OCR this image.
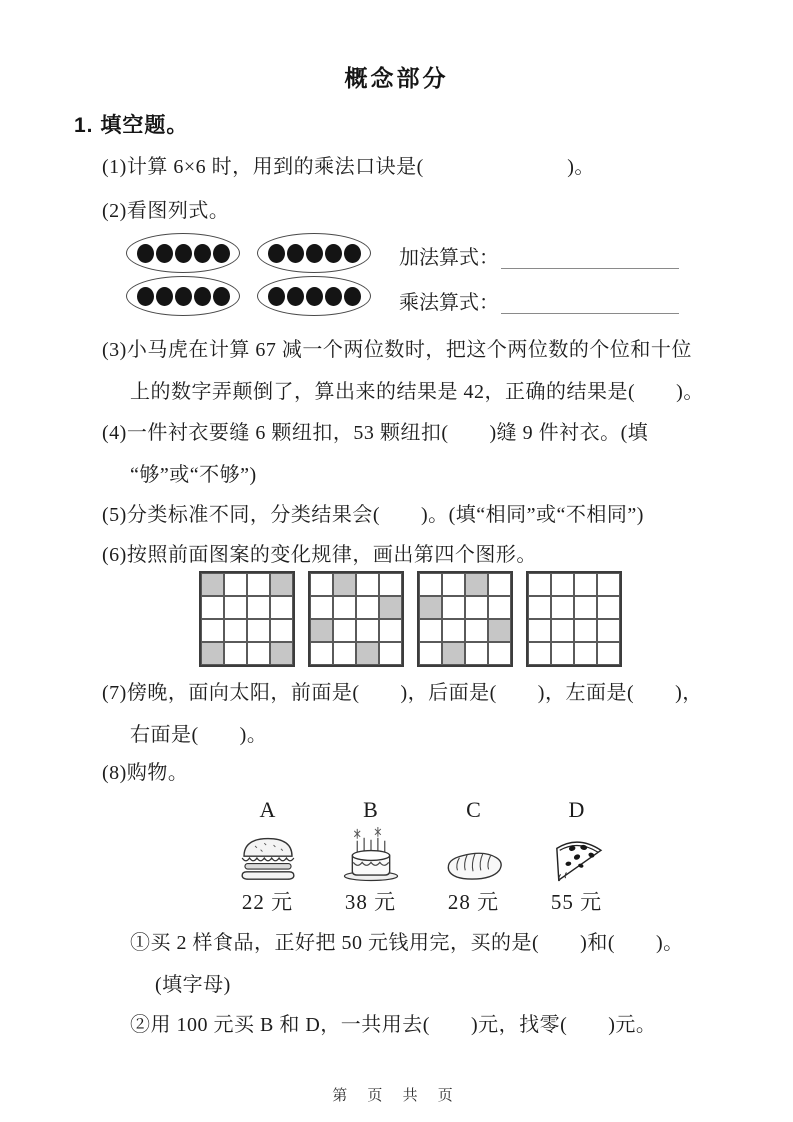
概念部分
1. 填空题。
(1)计算 6×6 时，用到的乘法口诀是(　　　　　　　)。
(2)看图列式。
加法算式：
乘法算式：
(3)小马虎在计算 67 减一个两位数时，把这个两位数的个位和十位
上的数字弄颠倒了，算出来的结果是 42，正确的结果是(　　)。
(4)一件衬衣要缝 6 颗纽扣，53 颗纽扣(　　)缝 9 件衬衣。(填
“够”或“不够”)
(5)分类标准不同，分类结果会(　　)。(填“相同”或“不相同”)
(6)按照前面图案的变化规律，画出第四个图形。
(7)傍晚，面向太阳，前面是(　　)，后面是(　　)，左面是(　　)，
右面是(　　)。
(8)购物。
A
22 元
B
38 元
C
28 元
D
55 元
①买 2 样食品，正好把 50 元钱用完，买的是(　　)和(　　)。
(填字母)
②用 100 元买 B 和 D，一共用去(　　)元，找零(　　)元。
第 页 共 页
